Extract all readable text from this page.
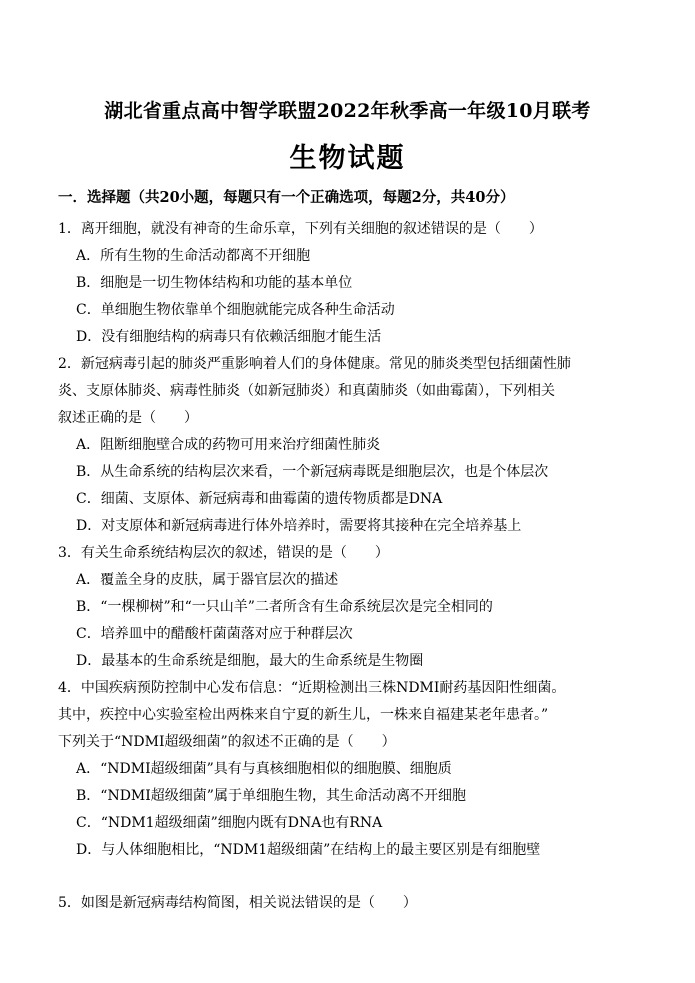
湖北省重点高中智学联盟2022年秋季高一年级10月联考
生物试题
一．选择题（共20小题，每题只有一个正确选项，每题2分，共40分）
1．离开细胞，就没有神奇的生命乐章，下列有关细胞的叙述错误的是（　　）
A．所有生物的生命活动都离不开细胞
B．细胞是一切生物体结构和功能的基本单位
C．单细胞生物依靠单个细胞就能完成各种生命活动
D．没有细胞结构的病毒只有依赖活细胞才能生活
2．新冠病毒引起的肺炎严重影响着人们的身体健康。常见的肺炎类型包括细菌性肺
炎、支原体肺炎、病毒性肺炎（如新冠肺炎）和真菌肺炎（如曲霉菌），下列相关
叙述正确的是（　　）
A．阻断细胞壁合成的药物可用来治疗细菌性肺炎
B．从生命系统的结构层次来看，一个新冠病毒既是细胞层次，也是个体层次
C．细菌、支原体、新冠病毒和曲霉菌的遗传物质都是DNA
D．对支原体和新冠病毒进行体外培养时，需要将其接种在完全培养基上
3．有关生命系统结构层次的叙述，错误的是（　　）
A．覆盖全身的皮肤，属于器官层次的描述
B．“一棵柳树”和“一只山羊”二者所含有生命系统层次是完全相同的
C．培养皿中的醋酸杆菌菌落对应于种群层次
D．最基本的生命系统是细胞，最大的生命系统是生物圈
4．中国疾病预防控制中心发布信息：“近期检测出三株NDMI耐药基因阳性细菌。
其中，疾控中心实验室检出两株来自宁夏的新生儿，一株来自福建某老年患者。”
下列关于“NDMI超级细菌”的叙述不正确的是（　　）
A．“NDMI超级细菌”具有与真核细胞相似的细胞膜、细胞质
B．“NDMI超级细菌”属于单细胞生物，其生命活动离不开细胞
C．“NDM1超级细菌”细胞内既有DNA也有RNA
D．与人体细胞相比，“NDM1超级细菌”在结构上的最主要区别是有细胞壁
5．如图是新冠病毒结构简图，相关说法错误的是（　　）
